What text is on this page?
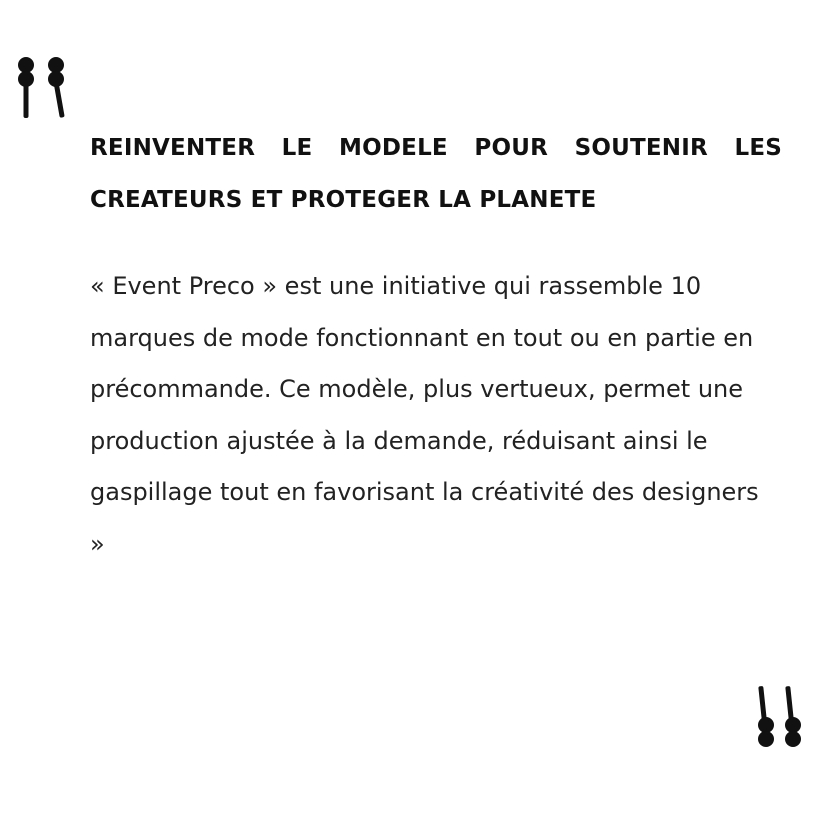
REINVENTER LE MODELE POUR SOUTENIR LES CREATEURS ET PROTEGER LA PLANETE

« Event Preco » est une initiative qui rassemble 10 marques de mode fonctionnant en tout ou en partie en précommande. Ce modèle, plus vertueux, permet une production ajustée à la demande, réduisant ainsi le gaspillage tout en favorisant la créativité des designers »
